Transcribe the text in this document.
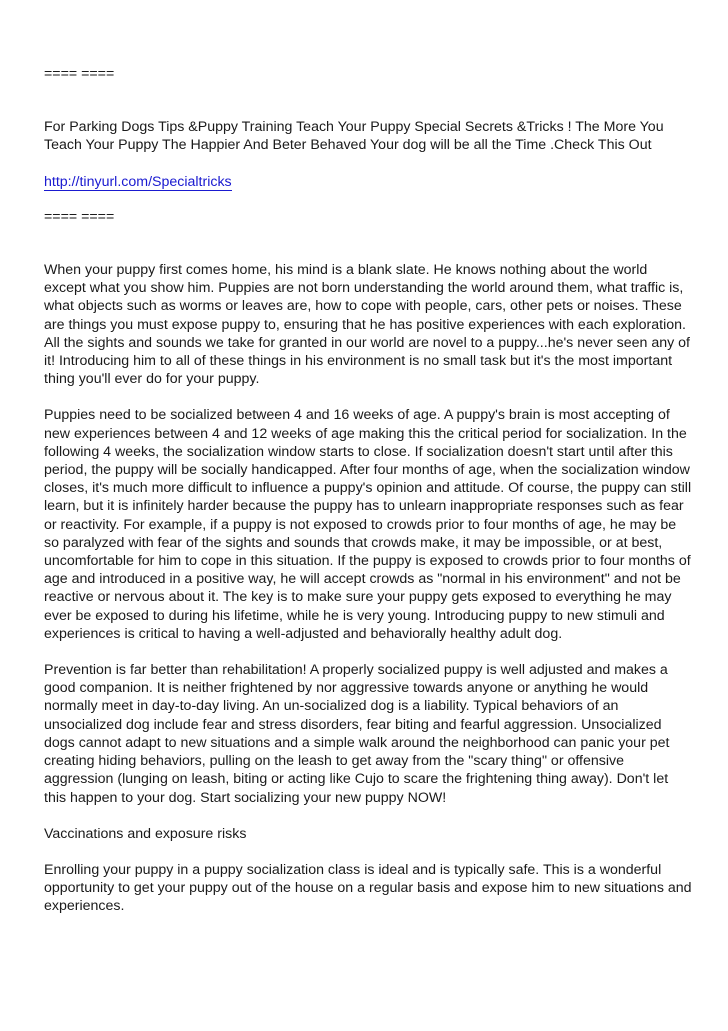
==== ====

For Parking Dogs Tips &Puppy Training Teach Your Puppy Special Secrets &Tricks ! The More You Teach Your Puppy The Happier And Beter Behaved Your dog will be all the Time .Check This Out

http://tinyurl.com/Specialtricks

==== ====

When your puppy first comes home, his mind is a blank slate. He knows nothing about the world except what you show him. Puppies are not born understanding the world around them, what traffic is, what objects such as worms or leaves are, how to cope with people, cars, other pets or noises. These are things you must expose puppy to, ensuring that he has positive experiences with each exploration. All the sights and sounds we take for granted in our world are novel to a puppy...he's never seen any of it! Introducing him to all of these things in his environment is no small task but it's the most important thing you'll ever do for your puppy.

Puppies need to be socialized between 4 and 16 weeks of age. A puppy's brain is most accepting of new experiences between 4 and 12 weeks of age making this the critical period for socialization. In the following 4 weeks, the socialization window starts to close. If socialization doesn't start until after this period, the puppy will be socially handicapped. After four months of age, when the socialization window closes, it's much more difficult to influence a puppy's opinion and attitude. Of course, the puppy can still learn, but it is infinitely harder because the puppy has to unlearn inappropriate responses such as fear or reactivity. For example, if a puppy is not exposed to crowds prior to four months of age, he may be so paralyzed with fear of the sights and sounds that crowds make, it may be impossible, or at best, uncomfortable for him to cope in this situation. If the puppy is exposed to crowds prior to four months of age and introduced in a positive way, he will accept crowds as "normal in his environment" and not be reactive or nervous about it. The key is to make sure your puppy gets exposed to everything he may ever be exposed to during his lifetime, while he is very young. Introducing puppy to new stimuli and experiences is critical to having a well-adjusted and behaviorally healthy adult dog.

Prevention is far better than rehabilitation! A properly socialized puppy is well adjusted and makes a good companion. It is neither frightened by nor aggressive towards anyone or anything he would normally meet in day-to-day living. An un-socialized dog is a liability. Typical behaviors of an unsocialized dog include fear and stress disorders, fear biting and fearful aggression. Unsocialized dogs cannot adapt to new situations and a simple walk around the neighborhood can panic your pet creating hiding behaviors, pulling on the leash to get away from the "scary thing" or offensive aggression (lunging on leash, biting or acting like Cujo to scare the frightening thing away). Don't let this happen to your dog. Start socializing your new puppy NOW!

Vaccinations and exposure risks

Enrolling your puppy in a puppy socialization class is ideal and is typically safe. This is a wonderful opportunity to get your puppy out of the house on a regular basis and expose him to new situations and experiences.
